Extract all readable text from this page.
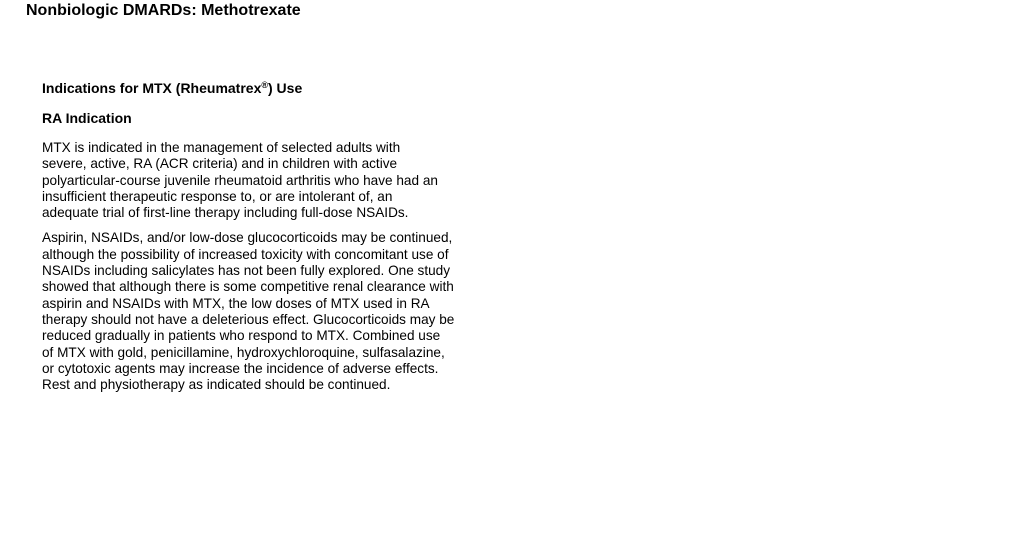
Nonbiologic DMARDs: Methotrexate

Indications for MTX (Rheumatrex®) Use

RA Indication

MTX is indicated in the management of selected adults with
severe, active, RA (ACR criteria) and in children with active
polyarticular-course juvenile rheumatoid arthritis who have had an
insufficient therapeutic response to, or are intolerant of, an
adequate trial of first-line therapy including full-dose NSAIDs.

Aspirin, NSAIDs, and/or low-dose glucocorticoids may be continued,
although the possibility of increased toxicity with concomitant use of
NSAIDs including salicylates has not been fully explored. One study
showed that although there is some competitive renal clearance with
aspirin and NSAIDs with MTX, the low doses of MTX used in RA
therapy should not have a deleterious effect. Glucocorticoids may be
reduced gradually in patients who respond to MTX. Combined use
of MTX with gold, penicillamine, hydroxychloroquine, sulfasalazine,
or cytotoxic agents may increase the incidence of adverse effects.
Rest and physiotherapy as indicated should be continued.
